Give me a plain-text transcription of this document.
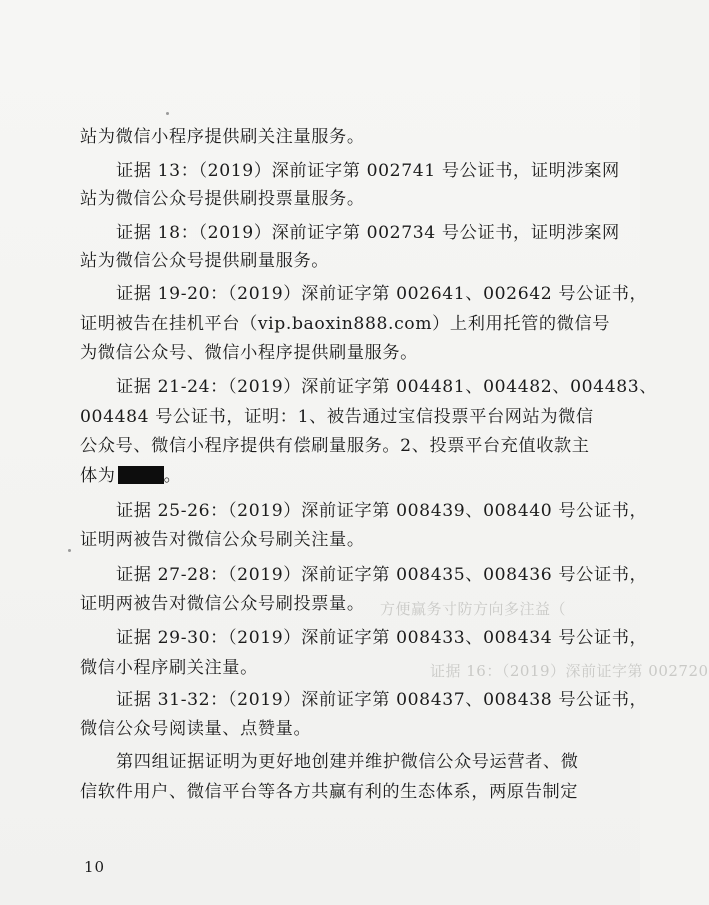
方便赢务寸防方向多注益（
证据 16：（2019）深前证字第 002720
站为微信小程序提供刷关注量服务。
证据 13：（2019）深前证字第 002741 号公证书，证明涉案网
站为微信公众号提供刷投票量服务。
证据 18：（2019）深前证字第 002734 号公证书，证明涉案网
站为微信公众号提供刷量服务。
证据 19-20：（2019）深前证字第 002641、002642 号公证书，
证明被告在挂机平台（vip.baoxin888.com）上利用托管的微信号
为微信公众号、微信小程序提供刷量服务。
证据 21-24：（2019）深前证字第 004481、004482、004483、
004484 号公证书，证明：1、被告通过宝信投票平台网站为微信
公众号、微信小程序提供有偿刷量服务。2、投票平台充值收款主
体为	。
证据 25-26：（2019）深前证字第 008439、008440 号公证书，
证明两被告对微信公众号刷关注量。
证据 27-28：（2019）深前证字第 008435、008436 号公证书，
证明两被告对微信公众号刷投票量。
证据 29-30：（2019）深前证字第 008433、008434 号公证书，
微信小程序刷关注量。
证据 31-32：（2019）深前证字第 008437、008438 号公证书，
微信公众号阅读量、点赞量。
第四组证据证明为更好地创建并维护微信公众号运营者、微
信软件用户、微信平台等各方共赢有利的生态体系，两原告制定
10
